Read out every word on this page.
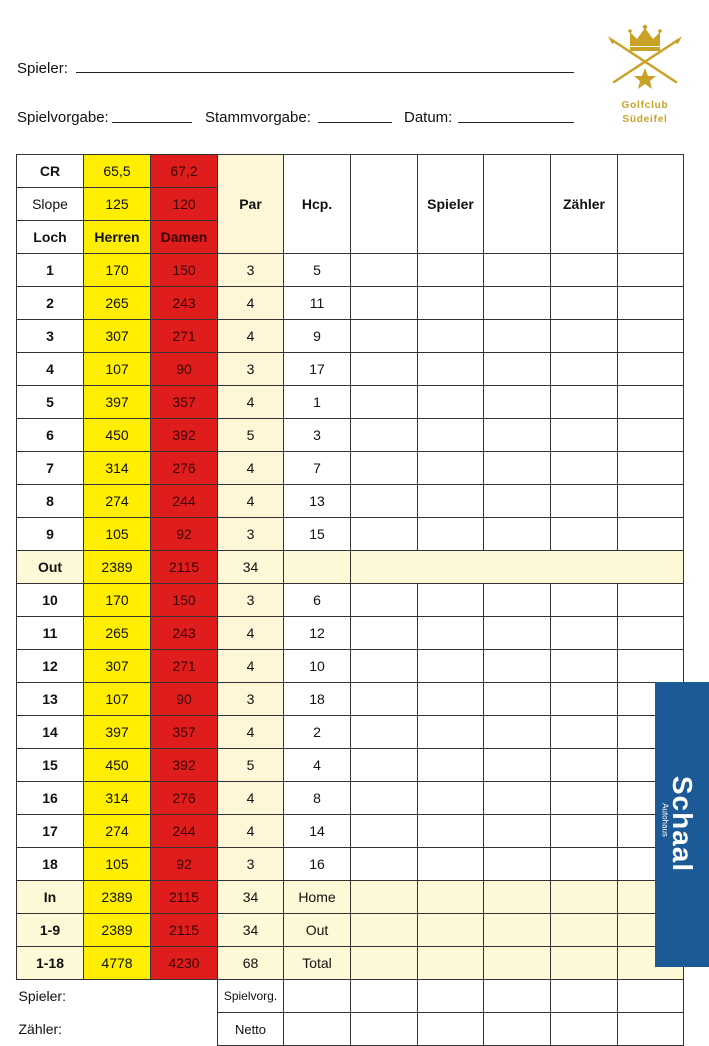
Spieler:
Spielvorgabe:	Stammvorgabe:	Datum:
Golfclub
Südeifel
CR	65,5	67,2	Par	Hcp.		Spieler		Zähler	
Slope	125	120							
Loch	Herren	Damen							
1	170	150	3	5					
2	265	243	4	11					
3	307	271	4	9					
4	107	90	3	17					
5	397	357	4	1					
6	450	392	5	3					
7	314	276	4	7					
8	274	244	4	13					
9	105	92	3	15					
Out	2389	2115	34						
10	170	150	3	6					
11	265	243	4	12					
12	307	271	4	10					
13	107	90	3	18					
14	397	357	4	2					
15	450	392	5	4					
16	314	276	4	8					
17	274	244	4	14					
18	105	92	3	16					
In	2389	2115	34	Home					
1-9	2389	2115	34	Out					
1-18	4778	4230	68	Total					
Spieler:			Spielvorg.						
Zähler:			Netto						
Autohaus
Schaal
